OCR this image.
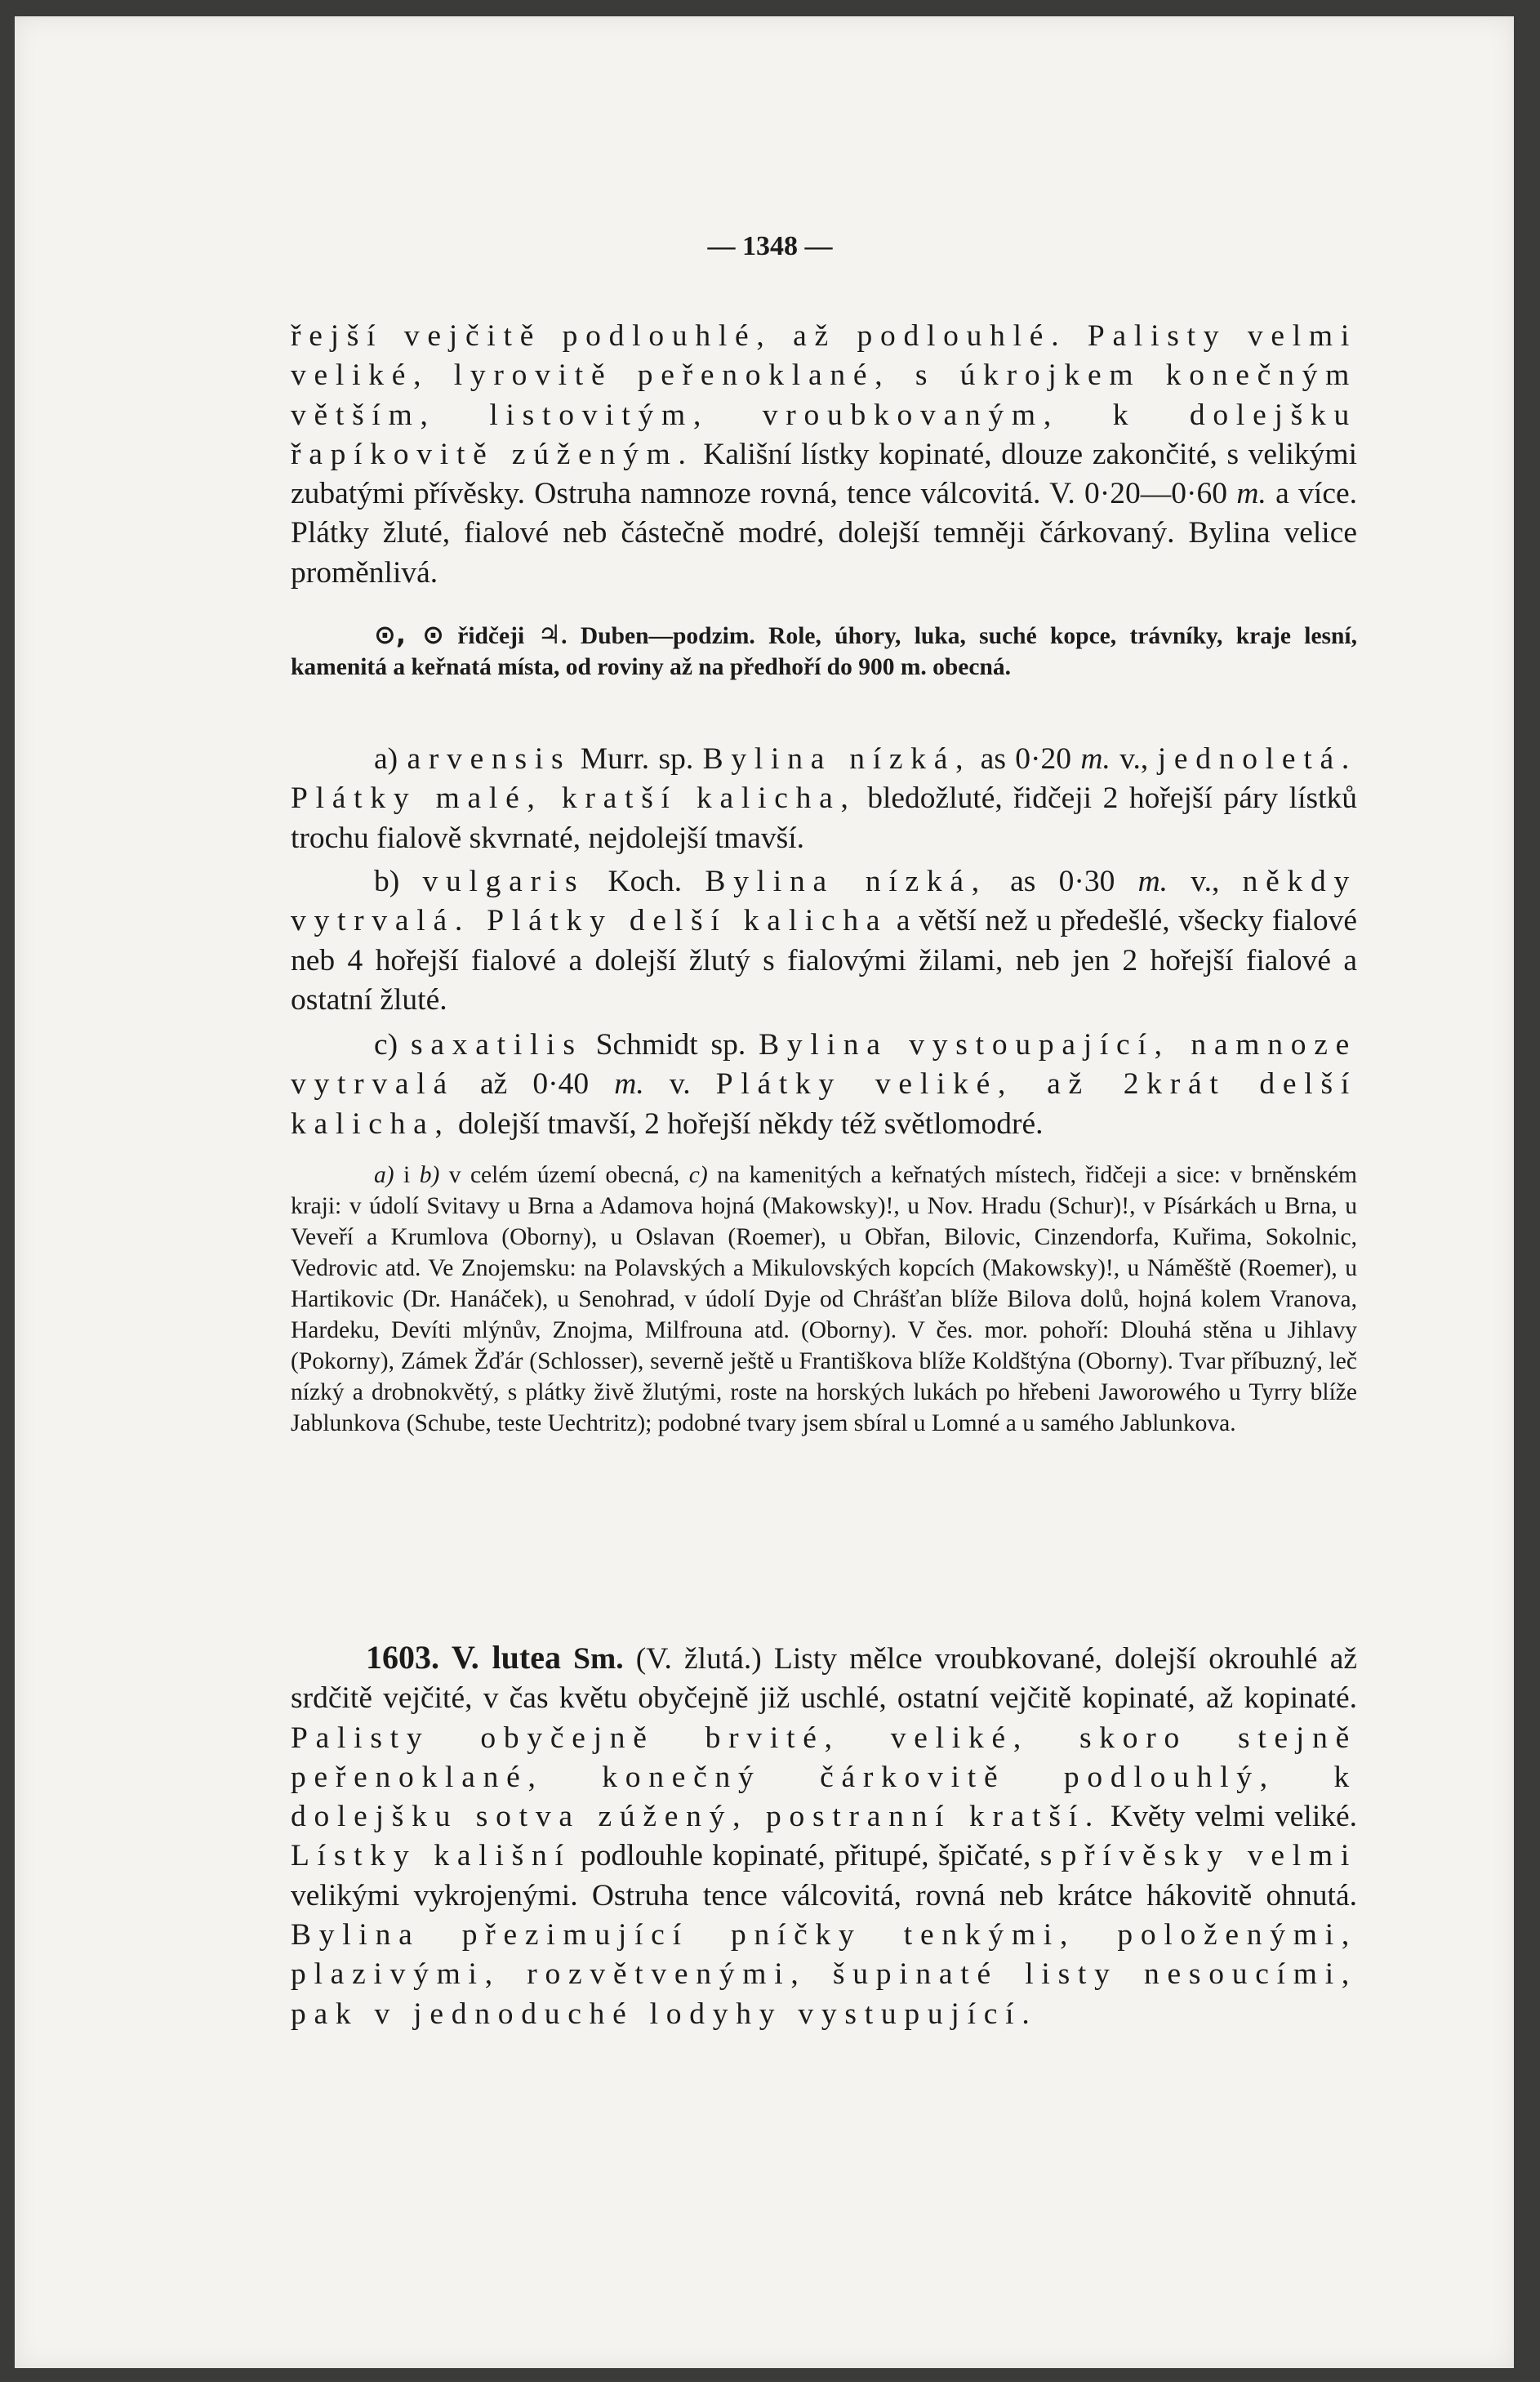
— 1348 —

řejší vejčitě podlouhlé, až podlouhlé. Palisty velmi veliké, lyrovitě peřenoklané, s úkrojkem konečným větším, listovitým, vroubkovaným, k dolejšku řapíkovitě zúženým. Kališní lístky kopinaté, dlouze zakončité, s velikými zubatými přívěsky. Ostruha namnoze rovná, tence válcovitá. V. 0·20—0·60 m. a více. Plátky žluté, fialové neb částečně modré, dolejší temněji čárkovaný. Bylina velice proměnlivá.

⊙, ⊙ řidčeji ♃. Duben—podzim. Role, úhory, luka, suché kopce, trávníky, kraje lesní, kamenitá a keřnatá místa, od roviny až na předhoří do 900 m. obecná.

a) arvensis Murr. sp. Bylina nízká, as 0·20 m. v., jednoletá. Plátky malé, kratší kalicha, bledožluté, řidčeji 2 hořejší páry lístků trochu fialově skvrnaté, nejdolejší tmavší.

b) vulgaris Koch. Bylina nízká, as 0·30 m. v., někdy vytrvalá. Plátky delší kalicha a větší než u předešlé, všecky fialové neb 4 hořejší fialové a dolejší žlutý s fialovými žilami, neb jen 2 hořejší fialové a ostatní žluté.

c) saxatilis Schmidt sp. Bylina vystoupající, namnoze vytrvalá až 0·40 m. v. Plátky veliké, až 2krát delší kalicha, dolejší tmavší, 2 hořejší někdy též světlomodré.

a) i b) v celém území obecná, c) na kamenitých a keřnatých místech, řidčeji a sice: v brněnském kraji: v údolí Svitavy u Brna a Adamova hojná (Makowsky)!, u Nov. Hradu (Schur)!, v Písárkách u Brna, u Veveří a Krumlova (Oborny), u Oslavan (Roemer), u Obřan, Bilovic, Cinzendorfa, Kuřima, Sokolnic, Vedrovic atd. Ve Znojemsku: na Polavských a Mikulovských kopcích (Makowsky)!, u Náměště (Roemer), u Hartikovic (Dr. Hanáček), u Senohrad, v údolí Dyje od Chrášťan blíže Bilova dolů, hojná kolem Vranova, Hardeku, Devíti mlýnův, Znojma, Milfrouna atd. (Oborny). V čes. mor. pohoří: Dlouhá stěna u Jihlavy (Pokorny), Zámek Žďár (Schlosser), severně ještě u Františkova blíže Koldštýna (Oborny). Tvar příbuzný, leč nízký a drobnokvětý, s plátky živě žlutými, roste na horských lukách po hřebeni Jaworowého u Tyrry blíže Jablunkova (Schube, teste Uechtritz); podobné tvary jsem sbíral u Lomné a u samého Jablunkova.

1603. V. lutea Sm. (V. žlutá.) Listy mělce vroubkované, dolejší okrouhlé až srdčitě vejčité, v čas květu obyčejně již uschlé, ostatní vejčitě kopinaté, až kopinaté. Palisty obyčejně brvité, veliké, skoro stejně peřenoklané, konečný čárkovitě podlouhlý, k dolejšku sotva zúžený, postranní kratší. Květy velmi veliké. Lístky kališní podlouhle kopinaté, přitupé, špičaté, s přívěsky velmi velikými vykrojenými. Ostruha tence válcovitá, rovná neb krátce hákovitě ohnutá. Bylina přezimující pníčky tenkými, položenými, plazivými, rozvětvenými, šupinaté listy nesoucími, pak v jednoduché lodyhy vystupující.
